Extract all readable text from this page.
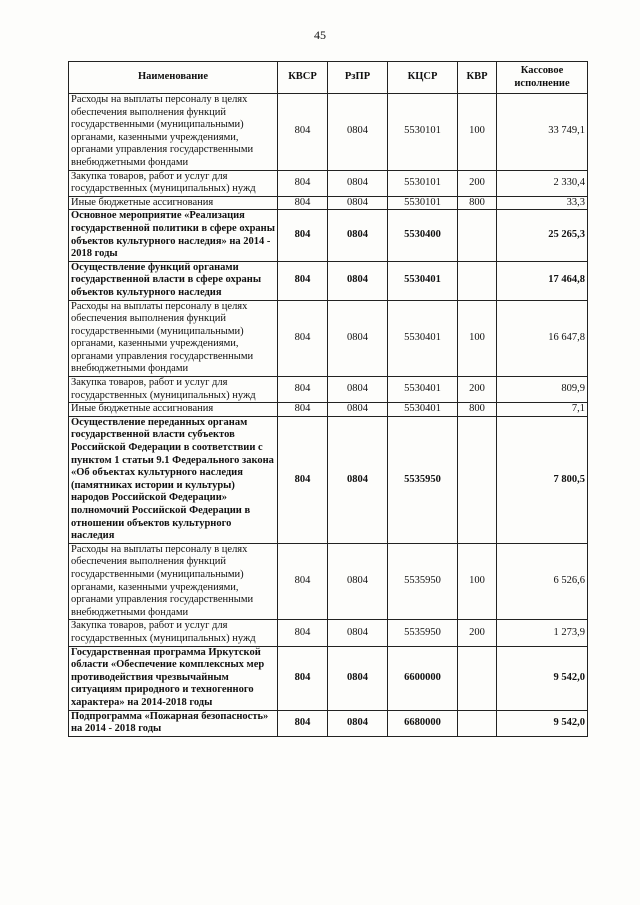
45
Наименование	КВСР	РзПР	КЦСР	КВР	Кассовое исполнение
Расходы на выплаты персоналу в целях обеспечения выполнения функций государственными (муниципальными) органами, казенными учреждениями, органами управления государственными внебюджетными фондами	804	0804	5530101	100	33 749,1
Закупка товаров, работ и услуг для государственных (муниципальных) нужд	804	0804	5530101	200	2 330,4
Иные бюджетные ассигнования	804	0804	5530101	800	33,3
Основное мероприятие «Реализация государственной политики в сфере охраны объектов культурного наследия» на 2014 - 2018 годы	804	0804	5530400		25 265,3
Осуществление функций органами государственной власти в сфере охраны объектов культурного наследия	804	0804	5530401		17 464,8
Расходы на выплаты персоналу в целях обеспечения выполнения функций государственными (муниципальными) органами, казенными учреждениями, органами управления государственными внебюджетными фондами	804	0804	5530401	100	16 647,8
Закупка товаров, работ и услуг для государственных (муниципальных) нужд	804	0804	5530401	200	809,9
Иные бюджетные ассигнования	804	0804	5530401	800	7,1
Осуществление переданных органам государственной власти субъектов Российской Федерации в соответствии с пунктом 1 статьи 9.1 Федерального закона «Об объектах культурного наследия (памятниках истории и культуры) народов Российской Федерации» полномочий Российской Федерации в отношении объектов культурного наследия	804	0804	5535950		7 800,5
Расходы на выплаты персоналу в целях обеспечения выполнения функций государственными (муниципальными) органами, казенными учреждениями, органами управления государственными внебюджетными фондами	804	0804	5535950	100	6 526,6
Закупка товаров, работ и услуг для государственных (муниципальных) нужд	804	0804	5535950	200	1 273,9
Государственная программа Иркутской области «Обеспечение комплексных мер противодействия чрезвычайным ситуациям природного и техногенного характера» на 2014-2018 годы	804	0804	6600000		9 542,0
Подпрограмма «Пожарная безопасность» на 2014 - 2018 годы	804	0804	6680000		9 542,0
